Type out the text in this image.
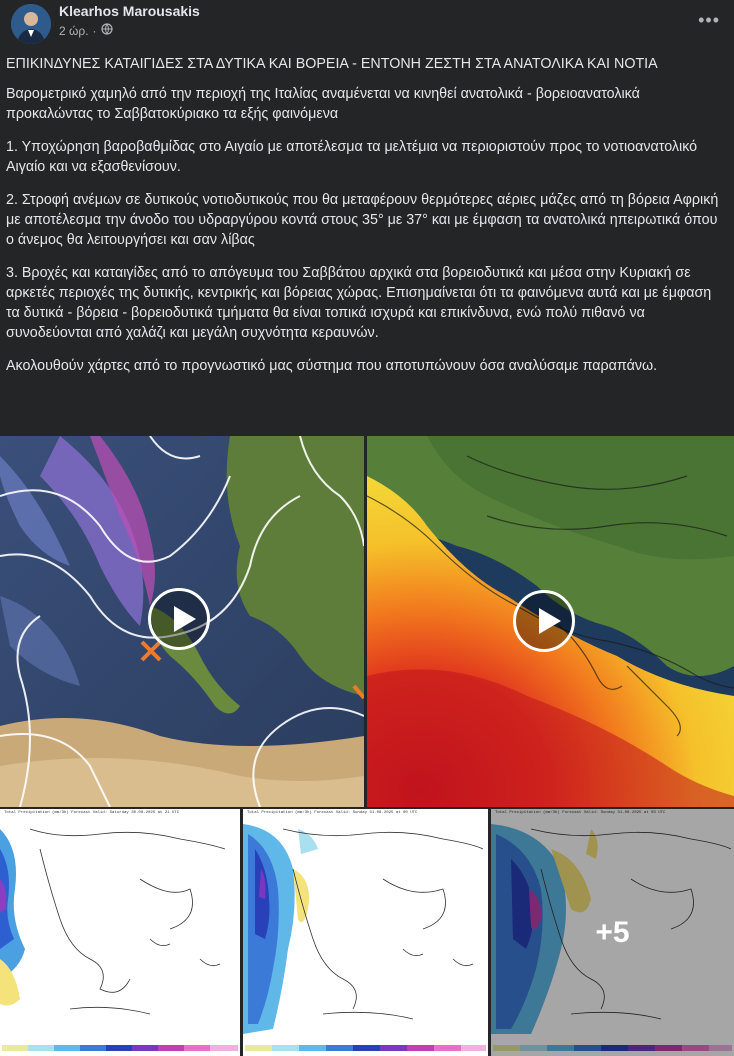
Klearhos Marousakis
2 ώρ. ·
•••

ΕΠΙΚΙΝΔΥΝΕΣ ΚΑΤΑΙΓΙΔΕΣ ΣΤΑ ΔΥΤΙΚΑ ΚΑΙ ΒΟΡΕΙΑ - ΕΝΤΟΝΗ ΖΕΣΤΗ ΣΤΑ ΑΝΑΤΟΛΙΚΑ ΚΑΙ ΝΟΤΙΑ

Βαρομετρικό χαμηλό από την περιοχή της Ιταλίας αναμένεται να κινηθεί ανατολικά - βορειοανατολικά προκαλώντας το Σαββατοκύριακο τα εξής φαινόμενα

1. Υποχώρηση βαροβαθμίδας στο Αιγαίο με αποτέλεσμα τα μελτέμια να περιοριστούν προς το νοτιοανατολικό Αιγαίο και να εξασθενίσουν.

2. Στροφή ανέμων σε δυτικούς νοτιοδυτικούς που θα μεταφέρουν θερμότερες αέριες μάζες από τη βόρεια Αφρική με αποτέλεσμα την άνοδο του υδραργύρου κοντά στους 35° με 37° και με έμφαση τα ανατολικά ηπειρωτικά όπου ο άνεμος θα λειτουργήσει και σαν λίβας

3. Βροχές και καταιγίδες από το απόγευμα του Σαββάτου αρχικά στα βορειοδυτικά και μέσα στην Κυριακή σε αρκετές περιοχές της δυτικής, κεντρικής και βόρειας χώρας. Επισημαίνεται ότι τα φαινόμενα αυτά και με έμφαση τα δυτικά - βόρεια - βορειοδυτικά τμήματα θα είναι τοπικά ισχυρά και επικίνδυνα, ενώ πολύ πιθανό να συνοδεύονται από χαλάζι και μεγάλη συχνότητα κεραυνών.

Ακολουθούν χάρτες από το προγνωστικό μας σύστημα που αποτυπώνουν όσα αναλύσαμε παραπάνω.

Total Precipitation (mm/3h) Forecast Valid: Saturday 30.08.2025 at 21 UTC	Total Precipitation (mm/3h) Forecast Valid: Sunday 31.08.2025 at 00 UTC	Total Precipitation (mm/3h) Forecast Valid: Sunday 31.08.2025 at 03 UTC
+5
